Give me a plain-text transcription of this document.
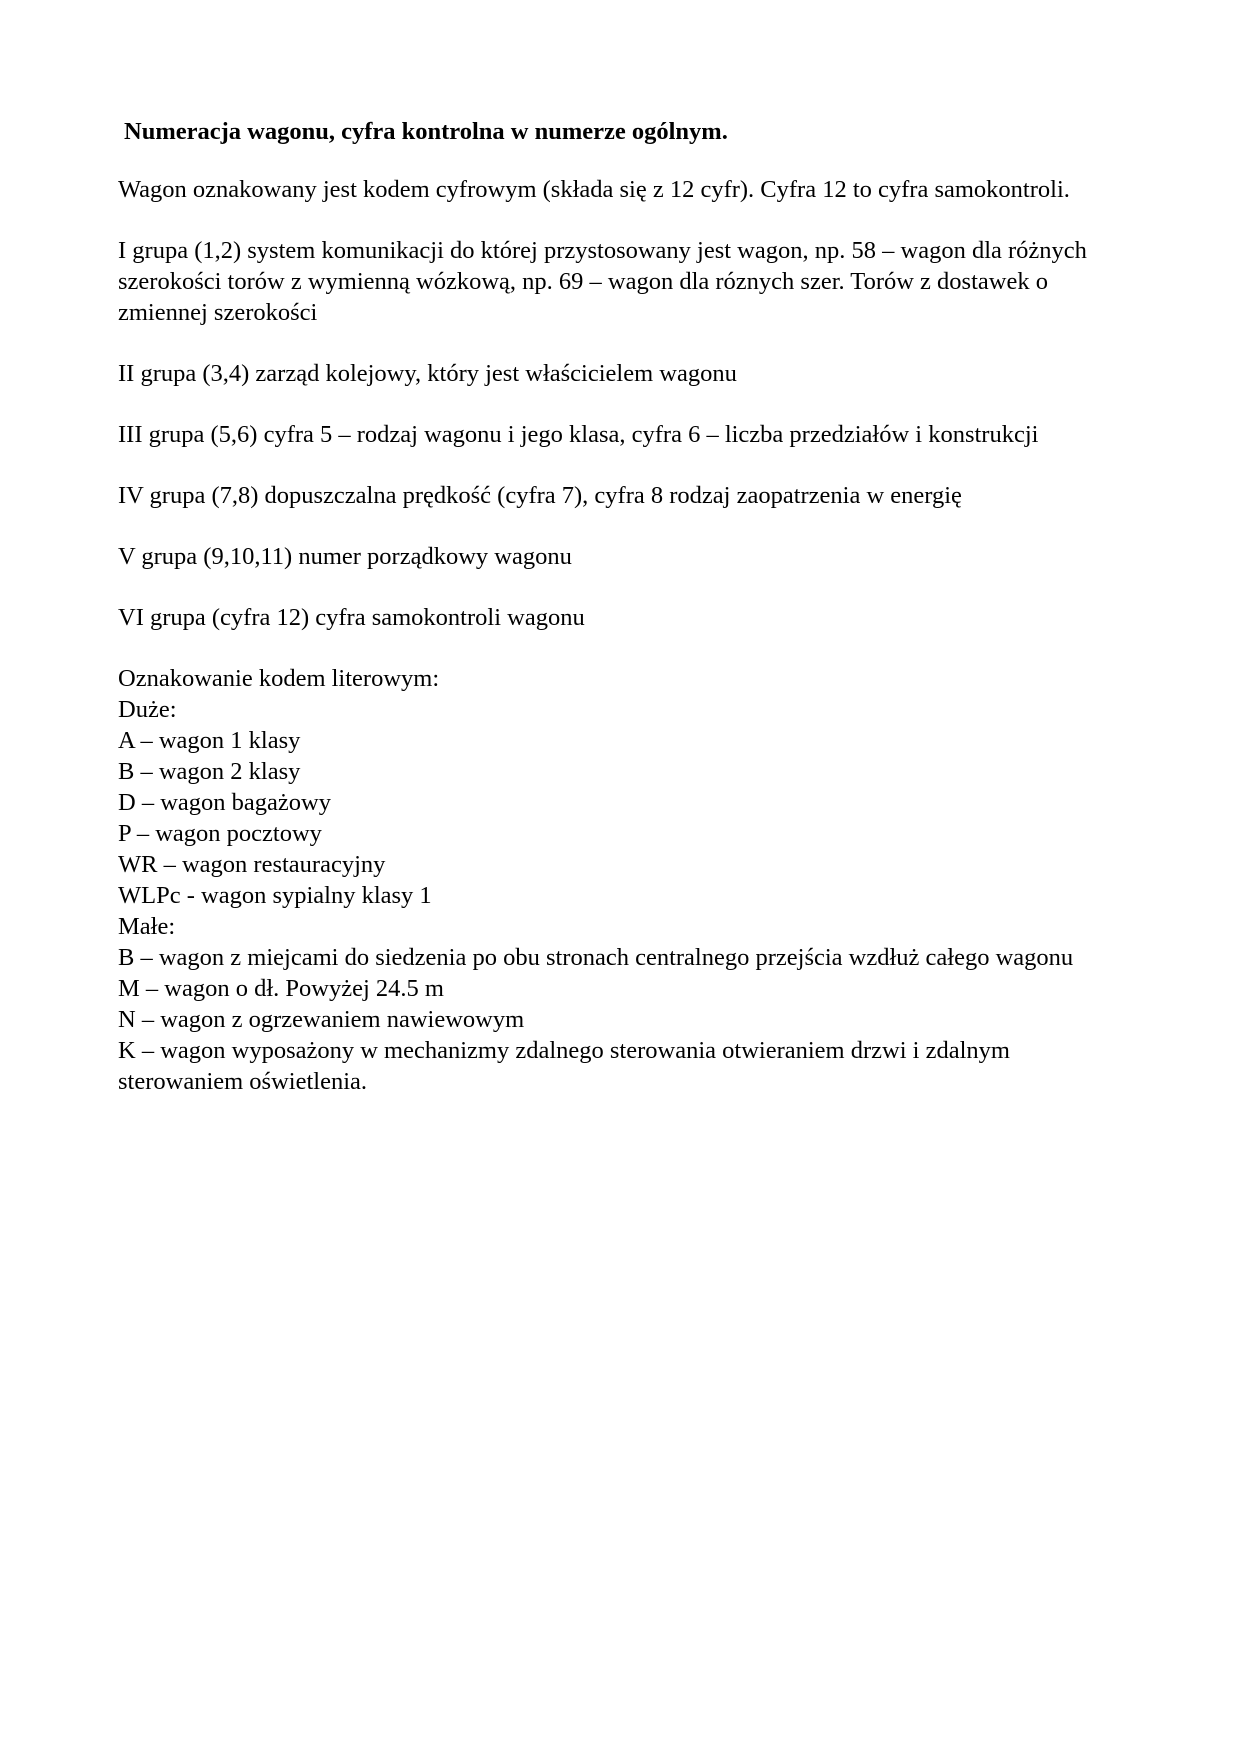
Numeracja wagonu, cyfra kontrolna w numerze ogólnym.
Wagon oznakowany jest kodem cyfrowym (składa się z 12 cyfr). Cyfra 12 to cyfra samokontroli.
I grupa (1,2) system komunikacji do której przystosowany jest wagon, np. 58 – wagon dla różnych szerokości torów z wymienną wózkową, np. 69 – wagon dla róznych szer. Torów z dostawek o zmiennej szerokości
II grupa (3,4) zarząd kolejowy, który jest właścicielem wagonu
III grupa (5,6) cyfra 5 – rodzaj wagonu i jego klasa, cyfra 6 – liczba przedziałów i konstrukcji
IV grupa (7,8) dopuszczalna prędkość (cyfra 7), cyfra 8 rodzaj zaopatrzenia w energię
V grupa (9,10,11) numer porządkowy wagonu
VI grupa (cyfra 12) cyfra samokontroli wagonu
Oznakowanie kodem literowym:
Duże:
A – wagon 1 klasy
B – wagon 2 klasy
D – wagon bagażowy
P – wagon pocztowy
WR – wagon restauracyjny
WLPc - wagon sypialny klasy 1
Małe:
B – wagon z miejcami do siedzenia po obu stronach centralnego przejścia wzdłuż całego wagonu
M – wagon o dł. Powyżej 24.5 m
N – wagon z ogrzewaniem nawiewowym
K – wagon wyposażony w mechanizmy zdalnego sterowania otwieraniem drzwi i zdalnym sterowaniem oświetlenia.
